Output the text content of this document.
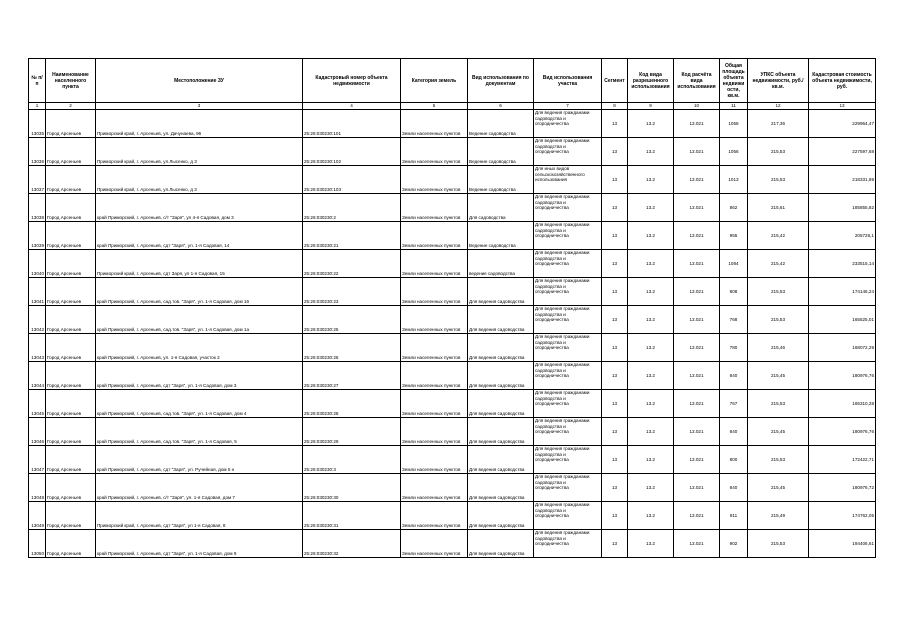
№ п/п	Наименование населенного пункта	Местоположение ЗУ	Кадастровый номер объекта недвижимости	Категория земель	Вид использования по документам	Вид использования участка	Сегмент	Код вида разрешенного использования	Код расчёта вида использования	Общая площадь объекта недвижи ости, кв.м.	УПКС объекта недвижимости, руб./кв.м.	Кадастровая стоимость объекта недвижимости, руб.
1	2	3	4	5	6	7	8	9	10	11	12	13
13035	Город Арсеньев	Приморский край, г. Арсеньев, ул. Дачунаева, 96	25:26:030230:101	Земли населенных пунктов	Ведение садоводства	Для ведения гражданами садоводства и огородничества	13	13.2	13.021	1058	217,36	229964,47
13036	Город Арсеньев	Приморский край, г. Арсеньев, ул.Лысенко, д 3	25:26:030230:102	Земли населенных пунктов	Ведение садоводства	Для ведения гражданами садоводства и огородничества	13	13.2	13.021	1056	215,53	227597,68
13037	Город Арсеньев	Приморский край, г. Арсеньев, ул.Лысенко, д 3	25:26:030230:103	Земли населенных пунктов	Ведение садоводства	Для иных видов сельскохозяйственного использования	13	13.2	13.021	1013	215,53	218331,89
13038	Город Арсеньев	край Приморский, г. Арсеньев, с/т "Заря", ул 4-я Садовая, дом 3	25:26:030230:2	Земли населенных пунктов	Для садоводства	Для ведения гражданами садоводства и огородничества	13	13.2	13.021	862	215,61	185855,82
13039	Город Арсеньев	край Приморский, г. Арсеньев, сдт "Заря", ул. 1-я Садовая, 14	25:26:030230:21	Земли населенных пунктов	Ведение садоводства	Для ведения гражданами садоводства и огородничества	13	13.2	13.021	955	215,42	205726,1
13040	Город Арсеньев	Приморский край, г. Арсеньев, сдт Заря, ул 1-я Садовая, 15	25:26:030230:22	Земли населенных пунктов	ведение садоводства	Для ведения гражданами садоводства и огородничества	13	13.2	13.021	1084	215,42	233515,14
13041	Город Арсеньев	край Приморский, г. Арсеньев, сад.тов. "Заря", ул. 1-я Садовая, дом 16	25:26:030230:23	Земли населенных пунктов	Для ведения садоводства	Для ведения гражданами садоводства и огородничества	13	13.2	13.021	808	215,53	174146,24
13042	Город Арсеньев	край Приморский, г. Арсеньев, сад.тов. "Заря", ул. 1-я Садовая, дом 1а	25:26:030230:25	Земли населенных пунктов	Для ведения садоводства	Для ведения гражданами садоводства и огородничества	13	13.2	13.021	768	215,53	165525,01
13043	Город Арсеньев	край Приморский, г. Арсеньев, ул. 1-я Садовая, участок 2	25:26:030230:26	Земли населенных пунктов	Для ведения садоводства	Для ведения гражданами садоводства и огородничества	13	13.2	13.021	780	215,46	168072,29
13044	Город Арсеньев	край Приморский, г. Арсеньев, сдт "Заря", ул. 1-я Садовая, дом 3	25:26:030230:27	Земли населенных пунктов	Для ведения садоводства	Для ведения гражданами садоводства и огородничества	13	13.2	13.021	840	215,45	180976,76
13045	Город Арсеньев	край Приморский, г. Арсеньев, сад.тов. "Заря", ул. 1-я Садовая, дом 4	25:26:030230:28	Земли населенных пунктов	Для ведения садоводства	Для ведения гражданами садоводства и огородничества	13	13.2	13.021	767	215,53	165310,28
13046	Город Арсеньев	край Приморский, г. Арсеньев, сад.тов. "Заря", ул. 1-я Садовая, 5	25:26:030230:29	Земли населенных пунктов	Для ведения садоводства	Для ведения гражданами садоводства и огородничества	13	13.2	13.021	840	215,45	180976,76
13047	Город Арсеньев	край Приморский, г. Арсеньев, сдт "Заря", ул. Ручейная, дом 5 н	25:26:030230:3	Земли населенных пунктов	Для ведения садоводства	Для ведения гражданами садоводства и огородничества	13	13.2	13.021	800	215,53	172422,71
13048	Город Арсеньев	край Приморский, г. Арсеньев, с/т "Заря", ул. 1-я Садовая, дом 7	25:26:030230:30	Земли населенных пунктов	Для ведения садоводства	Для ведения гражданами садоводства и огородничества	13	13.2	13.021	840	215,45	180976,72
13049	Город Арсеньев	Приморский край, г. Арсеньев, сдт "Заря", ул 1-я Садовая, 8	25:26:030230:31	Земли населенных пунктов	Для ведения садоводства	Для ведения гражданами садоводства и огородничества	13	13.2	13.021	811	215,49	174762,05
13050	Город Арсеньев	край Приморский, г. Арсеньев, сдт "Заря", ул. 1-я Садовая, дом 9	25:26:030230:32	Земли населенных пунктов	Для ведения садоводства	Для ведения гражданами садоводства и огородничества	13	13.2	13.021	902	215,53	194406,61
